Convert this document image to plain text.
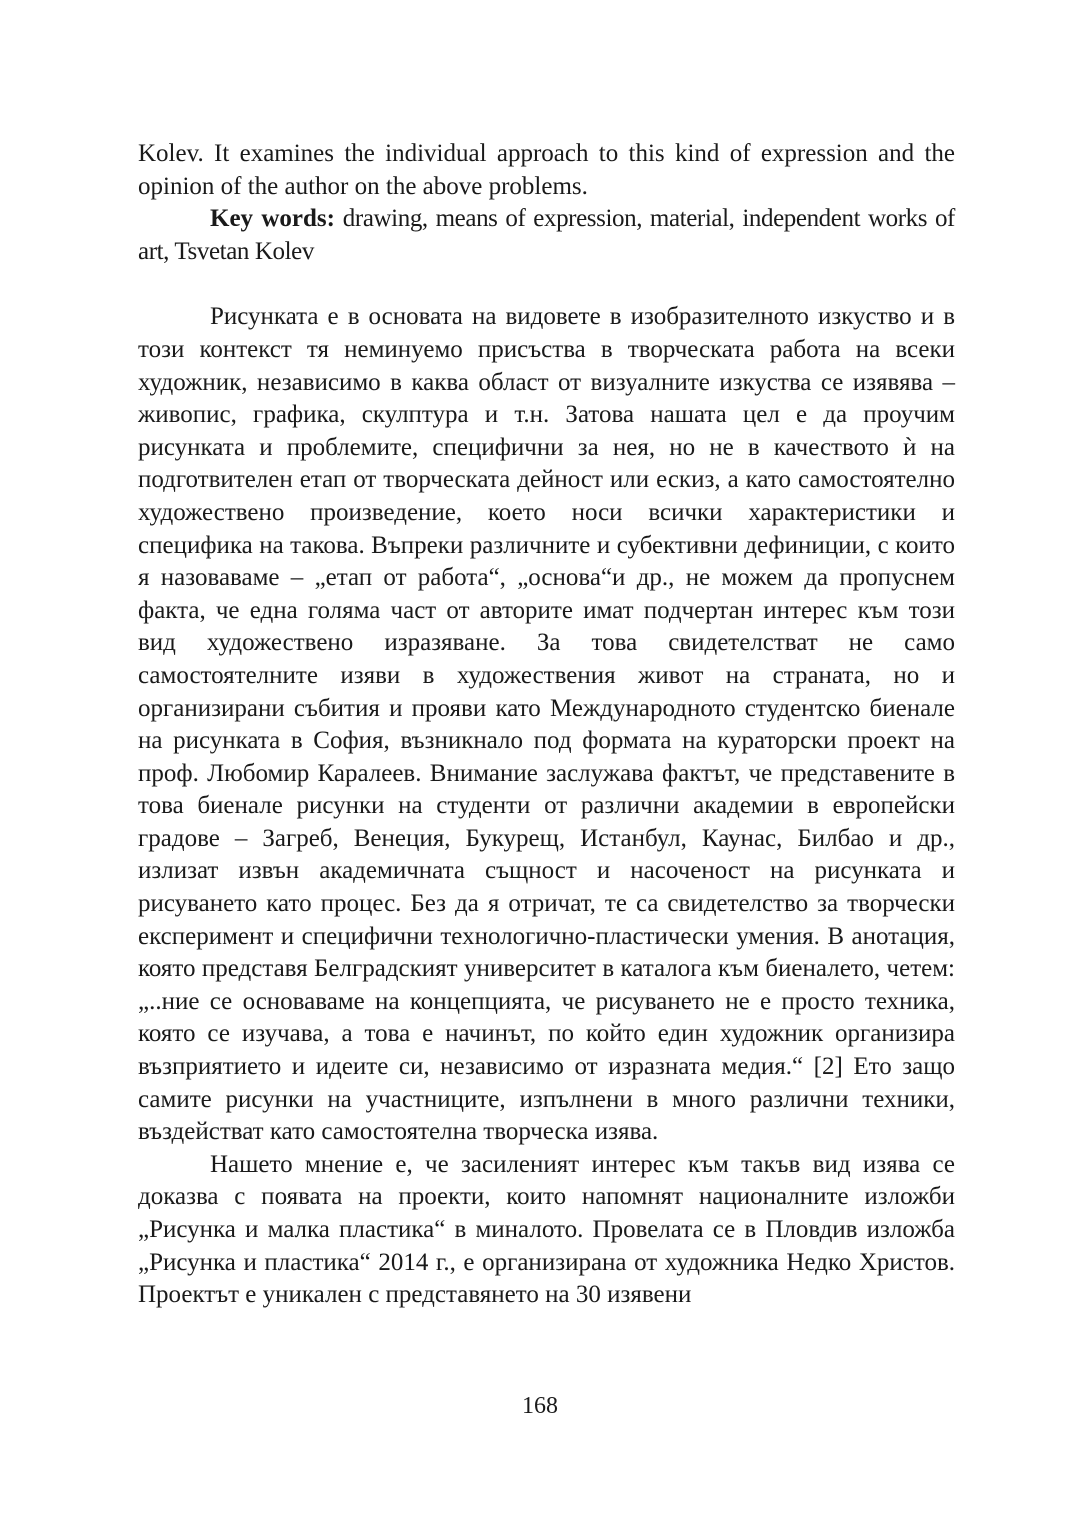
Kolev. It examines the individual approach to this kind of expression and the opinion of the author on the above problems.

Key words: drawing, means of expression, material, independent works of art, Tsvetan Kolev

Рисунката е в основата на видовете в изобразителното изкуство и в този контекст тя неминуемо присъства в творческата работа на всеки художник, независимо в каква област от визуалните изкуства се изявява – живопис, графика, скулптура и т.н. Затова нашата цел е да проучим рисунката и проблемите, специфични за нея, но не в качеството ѝ на подготвителен етап от творческата дейност или ескиз, а като самостоятелно художествено произведение, което носи всички характеристики и специфика на такова. Въпреки различните и субективни дефиниции, с които я назоваваме – „етап от работа“, „основа“и др., не можем да пропуснем факта, че една голяма част от авторите имат подчертан интерес към този вид художествено изразяване. За това свидетелстват не само самостоятелните изяви в художествения живот на страната, но и организирани събития и прояви като Международното студентско биенале на рисунката в София, възникнало под формата на кураторски проект на проф. Любомир Каралеев. Внимание заслужава фактът, че представените в това биенале рисунки на студенти от различни академии в европейски градове – Загреб, Венеция, Букурещ, Истанбул, Каунас, Билбао и др., излизат извън академичната същност и насоченост на рисунката и рисуването като процес. Без да я отричат, те са свидетелство за творчески експеримент и специфични технологично-пластически умения. В анотация, която представя Белградският университет в каталога към биеналето, четем: „..ние се основаваме на концепцията, че рисуването не е просто техника, която се изучава, а това е начинът, по който един художник организира възприятието и идеите си, независимо от изразната медия.“ [2] Ето защо самите рисунки на участниците, изпълнени в много различни техники, въздействат като самостоятелна творческа изява.

Нашето мнение е, че засиленият интерес към такъв вид изява се доказва с появата на проекти, които напомнят националните изложби „Рисунка и малка пластика“ в миналото. Провелата се в Пловдив изложба „Рисунка и пластика“ 2014 г., е организирана от художника Недко Христов. Проектът е уникален с представянето на 30 изявени

168
